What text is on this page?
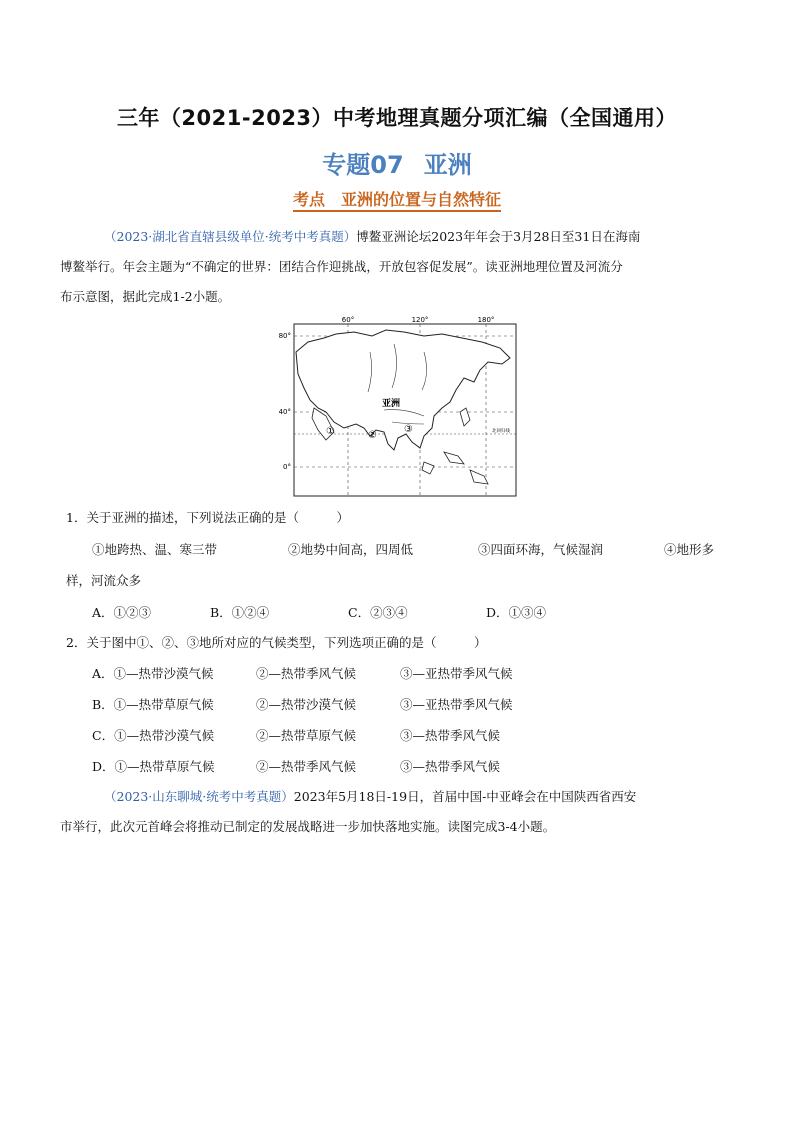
三年（2021-2023）中考地理真题分项汇编（全国通用）
专题07 亚洲
考点 亚洲的位置与自然特征
（2023·湖北省直辖县级单位·统考中考真题）博鳌亚洲论坛2023年年会于3月28日至31日在海南
博鳌举行。年会主题为“不确定的世界：团结合作迎挑战，开放包容促发展”。读亚洲地理位置及河流分
布示意图，据此完成1-2小题。
60°	120°	180°
80°
40°
0°
亚洲
①	②
③	北回归线
1．关于亚洲的描述，下列说法正确的是（　　　）
①地跨热、温、寒三带	②地势中间高，四周低	③四面环海，气候湿润	④地形多
样，河流众多
A．①②③	B．①②④	C．②③④	D．①③④
2．关于图中①、②、③地所对应的气候类型，下列选项正确的是（　　　）
A．①—热带沙漠气候	②—热带季风气候	③—亚热带季风气候
B．①—热带草原气候	②—热带沙漠气候	③—亚热带季风气候
C．①—热带沙漠气候	②—热带草原气候	③—热带季风气候
D．①—热带草原气候	②—热带季风气候	③—热带季风气候
（2023·山东聊城·统考中考真题）2023年5月18日-19日，首届中国-中亚峰会在中国陕西省西安
市举行，此次元首峰会将推动已制定的发展战略进一步加快落地实施。读图完成3-4小题。
